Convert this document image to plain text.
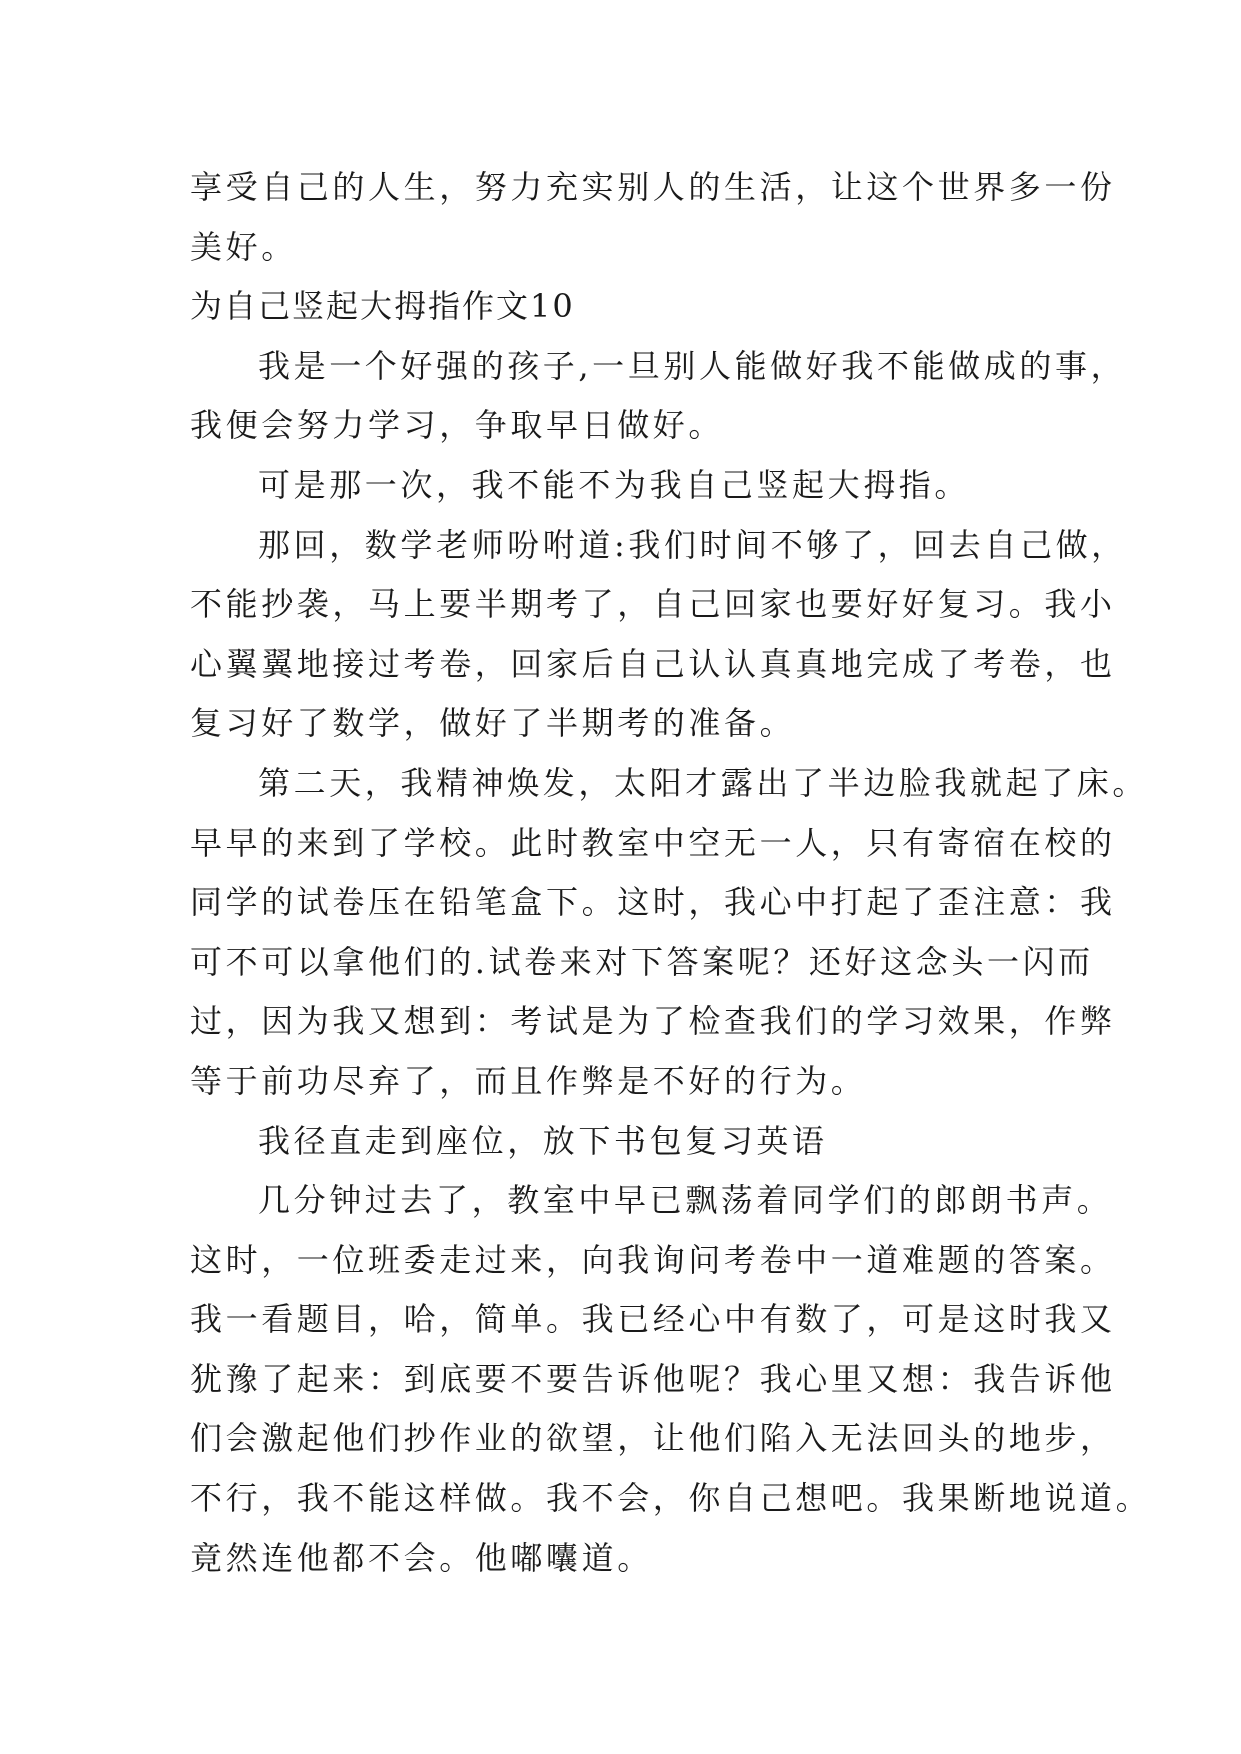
享受自己的人生，努力充实别人的生活，让这个世界多一份
美好。
为自己竖起大拇指作文10
我是一个好强的孩子,一旦别人能做好我不能做成的事，
我便会努力学习，争取早日做好。
可是那一次，我不能不为我自己竖起大拇指。
那回，数学老师吩咐道:我们时间不够了，回去自己做，
不能抄袭，马上要半期考了，自己回家也要好好复习。我小
心翼翼地接过考卷，回家后自己认认真真地完成了考卷，也
复习好了数学，做好了半期考的准备。
第二天，我精神焕发，太阳才露出了半边脸我就起了床。
早早的来到了学校。此时教室中空无一人，只有寄宿在校的
同学的试卷压在铅笔盒下。这时，我心中打起了歪注意：我
可不可以拿他们的.试卷来对下答案呢？还好这念头一闪而
过，因为我又想到：考试是为了检查我们的学习效果，作弊
等于前功尽弃了，而且作弊是不好的行为。
我径直走到座位，放下书包复习英语
几分钟过去了，教室中早已飘荡着同学们的郎朗书声。
这时，一位班委走过来，向我询问考卷中一道难题的答案。
我一看题目，哈，简单。我已经心中有数了，可是这时我又
犹豫了起来：到底要不要告诉他呢？我心里又想：我告诉他
们会激起他们抄作业的欲望，让他们陷入无法回头的地步，
不行，我不能这样做。我不会，你自己想吧。我果断地说道。
竟然连他都不会。他嘟囔道。
